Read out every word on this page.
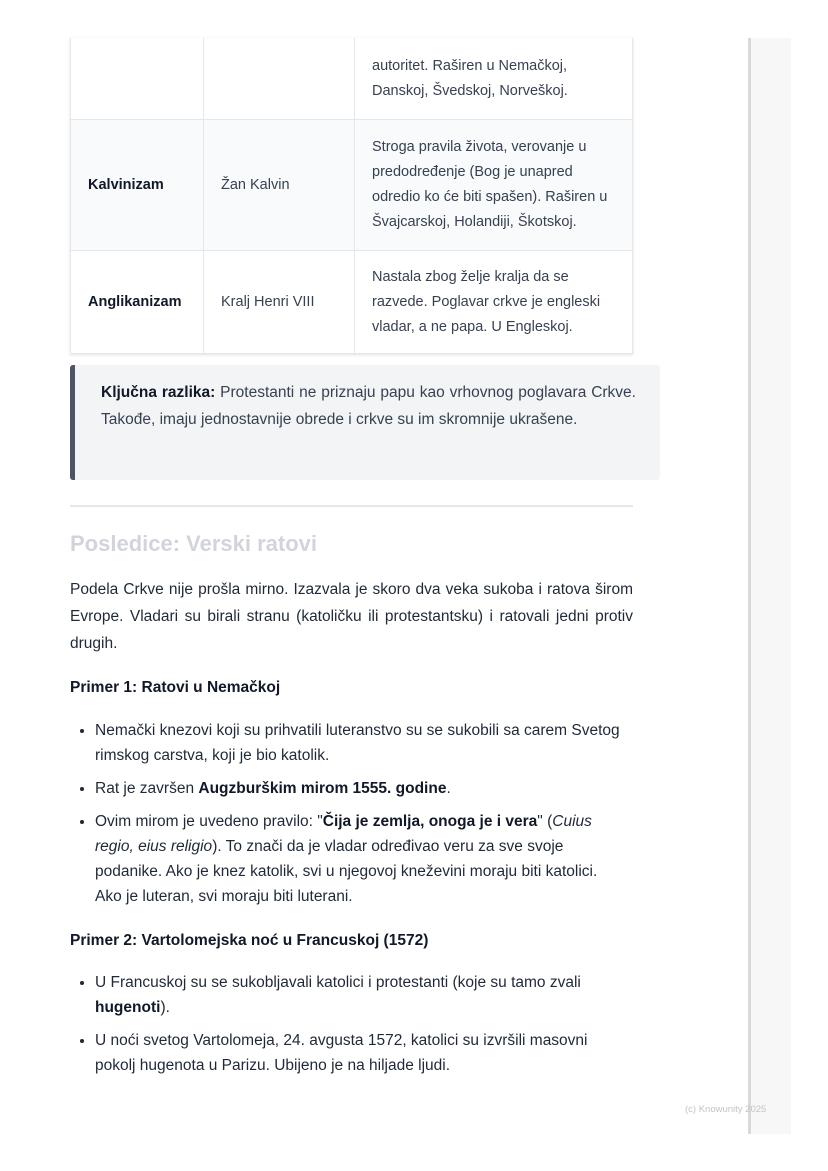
		autoritet. Raširen u Nemačkoj, Danskoj, Švedskoj, Norveškoj.
Kalvinizam	Žan Kalvin	Stroga pravila života, verovanje u predodređenje (Bog je unapred odredio ko će biti spašen). Raširen u Švajcarskoj, Holandiji, Škotskoj.
Anglikanizam	Kralj Henri VIII	Nastala zbog želje kralja da se razvede. Poglavar crkve je engleski vladar, a ne papa. U Engleskoj.
Ključna razlika: Protestanti ne priznaju papu kao vrhovnog poglavara Crkve. Takođe, imaju jednostavnije obrede i crkve su im skromnije ukrašene.
Posledice: Verski ratovi

Podela Crkve nije prošla mirno. Izazvala je skoro dva veka sukoba i ratova širom Evrope. Vladari su birali stranu (katoličku ili protestantsku) i ratovali jedni protiv drugih.

Primer 1: Ratovi u Nemačkoj

• Nemački knezovi koji su prihvatili luteranstvo su se sukobili sa carem Svetog rimskog carstva, koji je bio katolik.
• Rat je završen Augzburškim mirom 1555. godine.
• Ovim mirom je uvedeno pravilo: "Čija je zemlja, onoga je i vera" (Cuius regio, eius religio). To znači da je vladar određivao veru za sve svoje podanike. Ako je knez katolik, svi u njegovoj kneževini moraju biti katolici. Ako je luteran, svi moraju biti luterani.

Primer 2: Vartolomejska noć u Francuskoj (1572)

• U Francuskoj su se sukobljavali katolici i protestanti (koje su tamo zvali hugenoti).
• U noći svetog Vartolomeja, 24. avgusta 1572, katolici su izvršili masovni pokolj hugenota u Parizu. Ubijeno je na hiljade ljudi.
(c) Knowunity 2025
